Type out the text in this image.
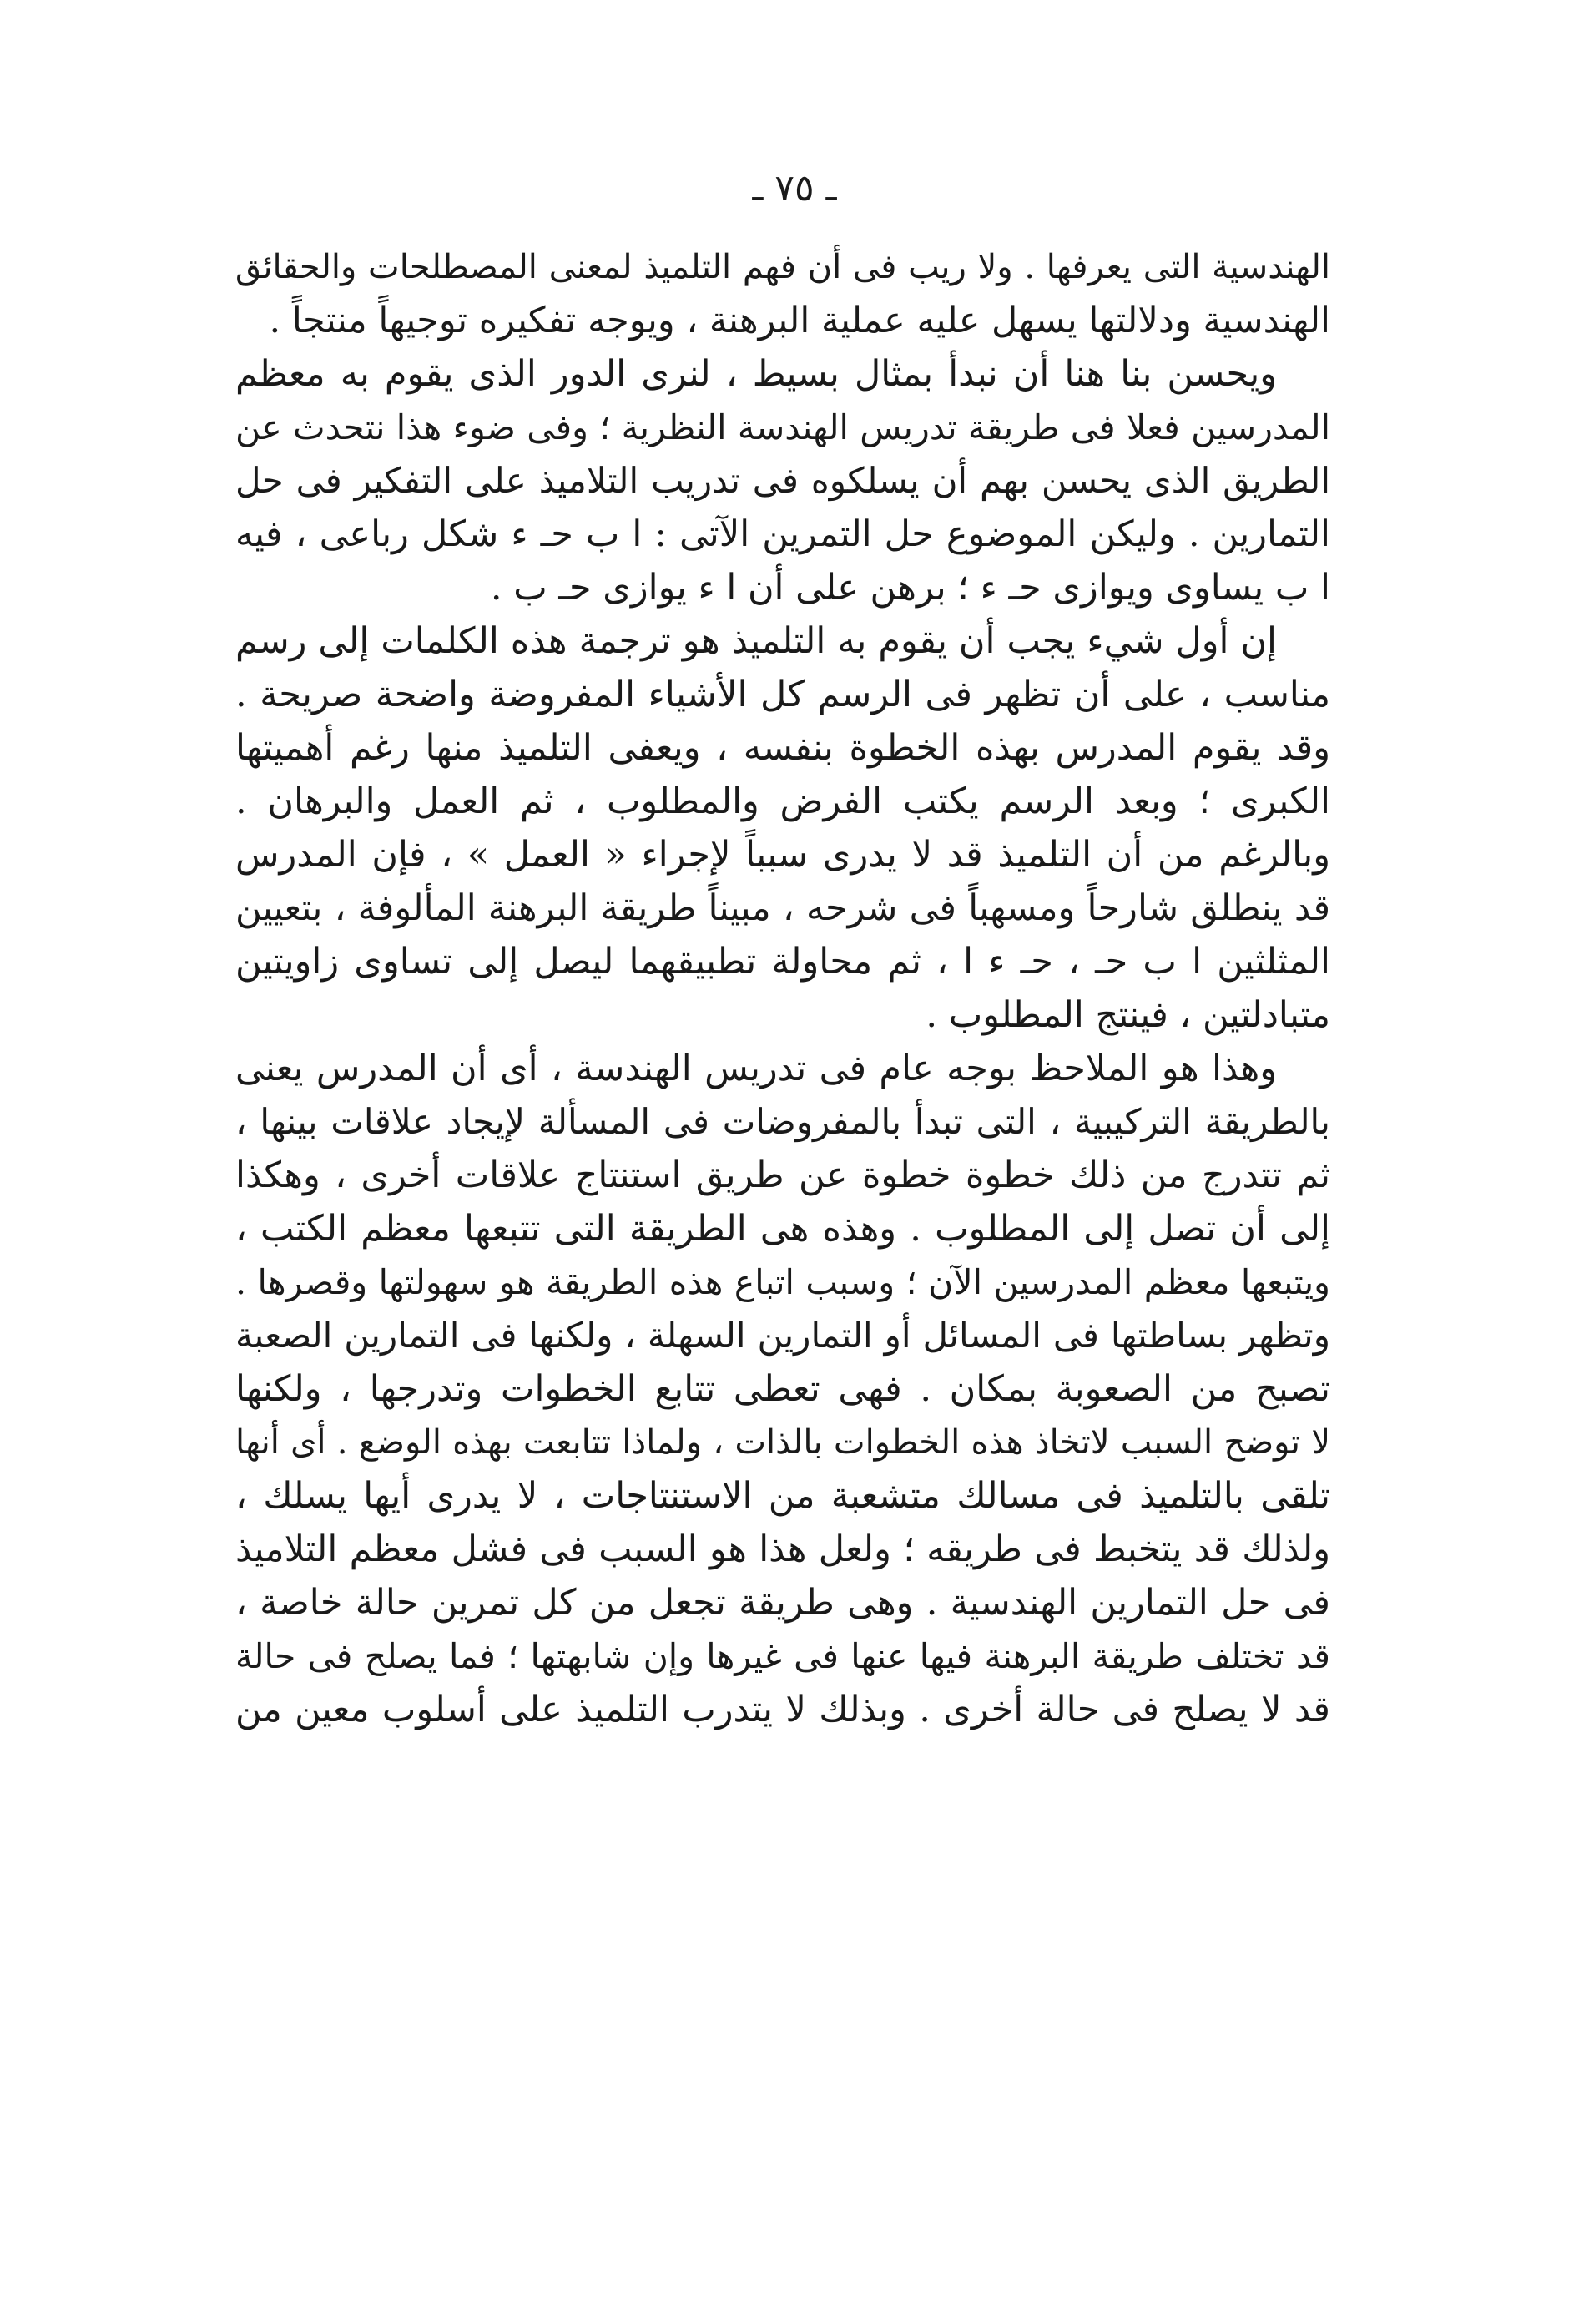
ـ ٧٥ ـ
الهندسية التى يعرفها . ولا ريب فى أن فهم التلميذ لمعنى المصطلحات والحقائق
الهندسية ودلالتها يسهل عليه عملية البرهنة ، ويوجه تفكيره توجيهاً منتجاً .
ويحسن بنا هنا أن نبدأ بمثال بسيط ، لنرى الدور الذى يقوم به معظم
المدرسين فعلا فى طريقة تدريس الهندسة النظرية ؛ وفى ضوء هذا نتحدث عن
الطريق الذى يحسن بهم أن يسلكوه فى تدريب التلاميذ على التفكير فى حل
التمارين . وليكن الموضوع حل التمرين الآتى : ا ب حـ ء شكل رباعى ، فيه
ا ب يساوى ويوازى حـ ء ؛ برهن على أن ا ء يوازى حـ ب .
إن أول شيء يجب أن يقوم به التلميذ هو ترجمة هذه الكلمات إلى رسم
مناسب ، على أن تظهر فى الرسم كل الأشياء المفروضة واضحة صريحة .
وقد يقوم المدرس بهذه الخطوة بنفسه ، ويعفى التلميذ منها رغم أهميتها
الكبرى ؛ وبعد الرسم يكتب الفرض والمطلوب ، ثم العمل والبرهان .
وبالرغم من أن التلميذ قد لا يدرى سبباً لإجراء « العمل » ، فإن المدرس
قد ينطلق شارحاً ومسهباً فى شرحه ، مبيناً طريقة البرهنة المألوفة ، بتعيين
المثلثين ا ب حـ ، حـ ء ا ، ثم محاولة تطبيقهما ليصل إلى تساوى زاويتين
متبادلتين ، فينتج المطلوب .
وهذا هو الملاحظ بوجه عام فى تدريس الهندسة ، أى أن المدرس يعنى
بالطريقة التركيبية ، التى تبدأ بالمفروضات فى المسألة لإيجاد علاقات بينها ،
ثم تتدرج من ذلك خطوة خطوة عن طريق استنتاج علاقات أخرى ، وهكذا
إلى أن تصل إلى المطلوب . وهذه هى الطريقة التى تتبعها معظم الكتب ،
ويتبعها معظم المدرسين الآن ؛ وسبب اتباع هذه الطريقة هو سهولتها وقصرها .
وتظهر بساطتها فى المسائل أو التمارين السهلة ، ولكنها فى التمارين الصعبة
تصبح من الصعوبة بمكان . فهى تعطى تتابع الخطوات وتدرجها ، ولكنها
لا توضح السبب لاتخاذ هذه الخطوات بالذات ، ولماذا تتابعت بهذه الوضع . أى أنها
تلقى بالتلميذ فى مسالك متشعبة من الاستنتاجات ، لا يدرى أيها يسلك ،
ولذلك قد يتخبط فى طريقه ؛ ولعل هذا هو السبب فى فشل معظم التلاميذ
فى حل التمارين الهندسية . وهى طريقة تجعل من كل تمرين حالة خاصة ،
قد تختلف طريقة البرهنة فيها عنها فى غيرها وإن شابهتها ؛ فما يصلح فى حالة
قد لا يصلح فى حالة أخرى . وبذلك لا يتدرب التلميذ على أسلوب معين من
